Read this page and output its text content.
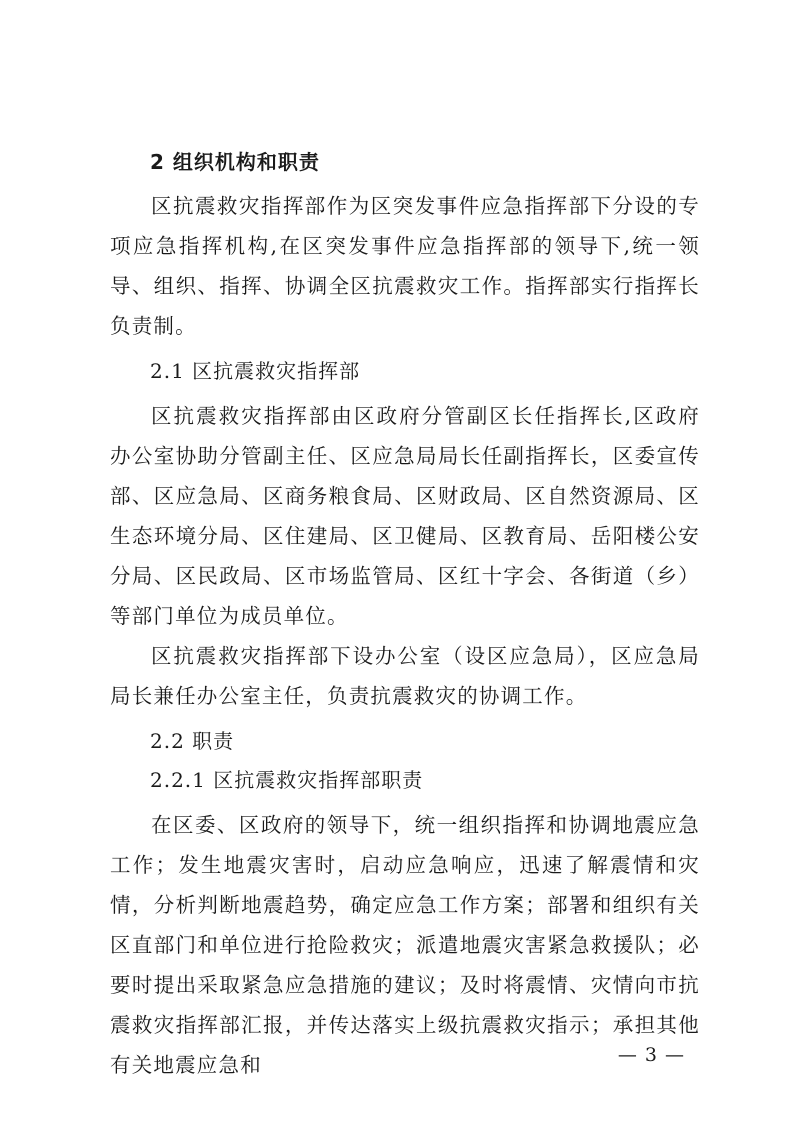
2 组织机构和职责

区抗震救灾指挥部作为区突发事件应急指挥部下分设的专项应急指挥机构,在区突发事件应急指挥部的领导下,统一领导、组织、指挥、协调全区抗震救灾工作。指挥部实行指挥长负责制。

2.1 区抗震救灾指挥部

区抗震救灾指挥部由区政府分管副区长任指挥长,区政府办公室协助分管副主任、区应急局局长任副指挥长，区委宣传部、区应急局、区商务粮食局、区财政局、区自然资源局、区生态环境分局、区住建局、区卫健局、区教育局、岳阳楼公安分局、区民政局、区市场监管局、区红十字会、各街道（乡）等部门单位为成员单位。

区抗震救灾指挥部下设办公室（设区应急局），区应急局局长兼任办公室主任，负责抗震救灾的协调工作。

2.2 职责
2.2.1 区抗震救灾指挥部职责

在区委、区政府的领导下，统一组织指挥和协调地震应急工作；发生地震灾害时，启动应急响应，迅速了解震情和灾情，分析判断地震趋势，确定应急工作方案；部署和组织有关区直部门和单位进行抢险救灾；派遣地震灾害紧急救援队；必要时提出采取紧急应急措施的建议；及时将震情、灾情向市抗震救灾指挥部汇报，并传达落实上级抗震救灾指示；承担其他有关地震应急和	— 3 —
